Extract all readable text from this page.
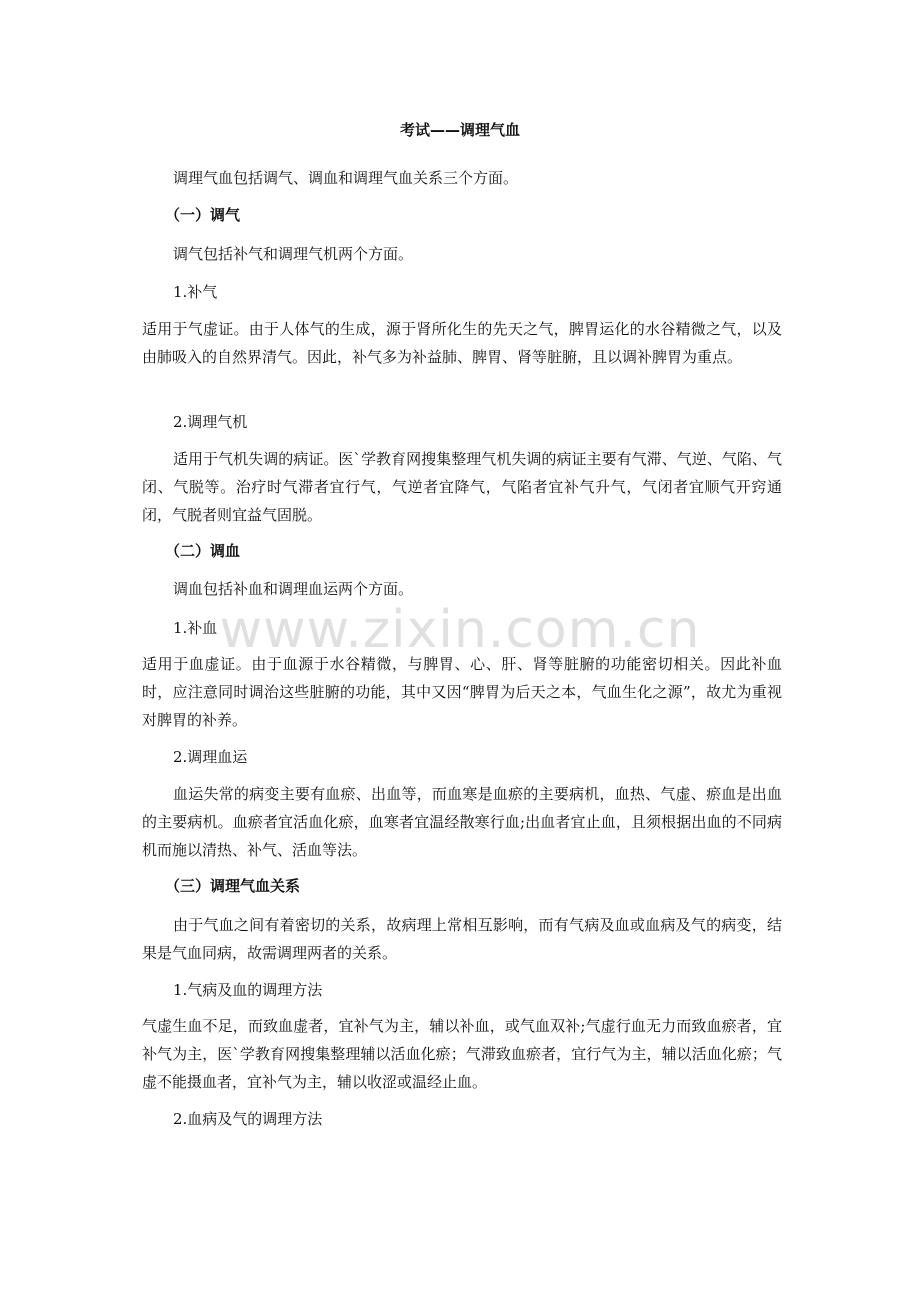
考试——调理气血
调理气血包括调气、调血和调理气血关系三个方面。
（一）调气
调气包括补气和调理气机两个方面。
1.补气
适用于气虚证。由于人体气的生成，源于肾所化生的先天之气，脾胃运化的水谷精微之气，以及由肺吸入的自然界清气。因此，补气多为补益肺、脾胃、肾等脏腑，且以调补脾胃为重点。
2.调理气机
适用于气机失调的病证。医`学教育网搜集整理气机失调的病证主要有气滞、气逆、气陷、气闭、气脱等。治疗时气滞者宜行气，气逆者宜降气，气陷者宜补气升气，气闭者宜顺气开窍通闭，气脱者则宜益气固脱。
（二）调血
调血包括补血和调理血运两个方面。
1.补血
适用于血虚证。由于血源于水谷精微，与脾胃、心、肝、肾等脏腑的功能密切相关。因此补血时，应注意同时调治这些脏腑的功能，其中又因“脾胃为后天之本，气血生化之源”，故尤为重视对脾胃的补养。
2.调理血运
血运失常的病变主要有血瘀、出血等，而血寒是血瘀的主要病机，血热、气虚、瘀血是出血的主要病机。血瘀者宜活血化瘀，血寒者宜温经散寒行血;出血者宜止血，且须根据出血的不同病机而施以清热、补气、活血等法。
（三）调理气血关系
由于气血之间有着密切的关系，故病理上常相互影响，而有气病及血或血病及气的病变，结果是气血同病，故需调理两者的关系。
1.气病及血的调理方法
气虚生血不足，而致血虚者，宜补气为主，辅以补血，或气血双补;气虚行血无力而致血瘀者，宜补气为主，医`学教育网搜集整理辅以活血化瘀；气滞致血瘀者，宜行气为主，辅以活血化瘀；气虚不能摄血者，宜补气为主，辅以收涩或温经止血。
2.血病及气的调理方法
www.zixin.com.cn
